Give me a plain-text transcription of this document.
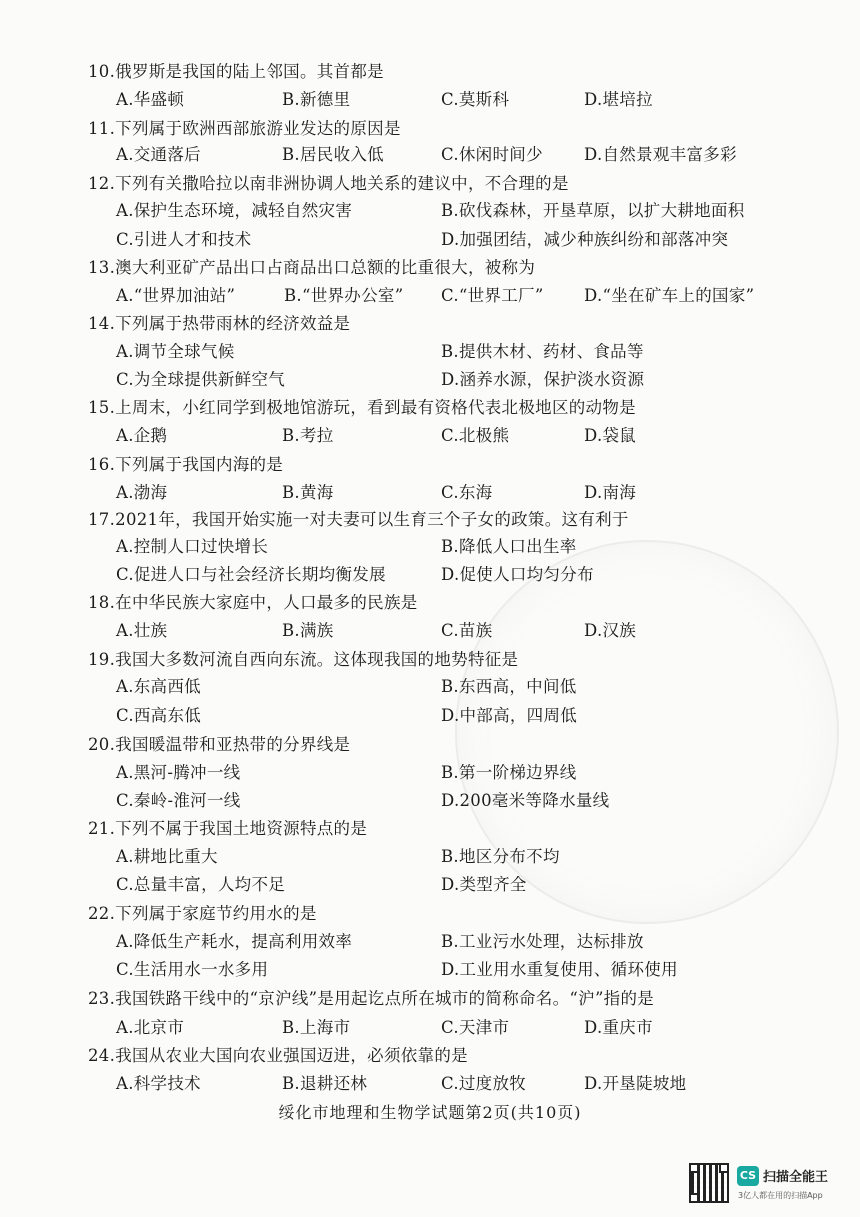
10.俄罗斯是我国的陆上邻国。其首都是
A.华盛顿	B.新德里	C.莫斯科	D.堪培拉
11.下列属于欧洲西部旅游业发达的原因是
A.交通落后	B.居民收入低	C.休闲时间少 D.自然景观丰富多彩
12.下列有关撒哈拉以南非洲协调人地关系的建议中，不合理的是
A.保护生态环境，减轻自然灾害	B.砍伐森林，开垦草原，以扩大耕地面积
C.引进人才和技术	D.加强团结，减少种族纠纷和部落冲突
13.澳大利亚矿产品出口占商品出口总额的比重很大，被称为
A.“世界加油站”	B.“世界办公室” C.“世界工厂” D.“坐在矿车上的国家”
14.下列属于热带雨林的经济效益是
A.调节全球气候	B.提供木材、药材、食品等
C.为全球提供新鲜空气	D.涵养水源，保护淡水资源
15.上周末，小红同学到极地馆游玩，看到最有资格代表北极地区的动物是
A.企鹅	B.考拉	C.北极熊	D.袋鼠
16.下列属于我国内海的是
A.渤海	B.黄海	C.东海	D.南海
17.2021年，我国开始实施一对夫妻可以生育三个子女的政策。这有利于
A.控制人口过快增长	B.降低人口出生率
C.促进人口与社会经济长期均衡发展	D.促使人口均匀分布
18.在中华民族大家庭中，人口最多的民族是
A.壮族	B.满族	C.苗族	D.汉族
19.我国大多数河流自西向东流。这体现我国的地势特征是
A.东高西低	B.东西高，中间低
C.西高东低	D.中部高，四周低
20.我国暖温带和亚热带的分界线是
A.黑河-腾冲一线	B.第一阶梯边界线
C.秦岭-淮河一线	D.200毫米等降水量线
21.下列不属于我国土地资源特点的是
A.耕地比重大	B.地区分布不均
C.总量丰富，人均不足	D.类型齐全
22.下列属于家庭节约用水的是
A.降低生产耗水，提高利用效率	B.工业污水处理，达标排放
C.生活用水一水多用	D.工业用水重复使用、循环使用
23.我国铁路干线中的“京沪线”是用起讫点所在城市的简称命名。“沪”指的是
A.北京市	B.上海市	C.天津市	D.重庆市
24.我国从农业大国向农业强国迈进，必须依靠的是
A.科学技术	B.退耕还林	C.过度放牧	D.开垦陡坡地
绥化市地理和生物学试题第2页(共10页)
CS 扫描全能王
3亿人都在用的扫描App
